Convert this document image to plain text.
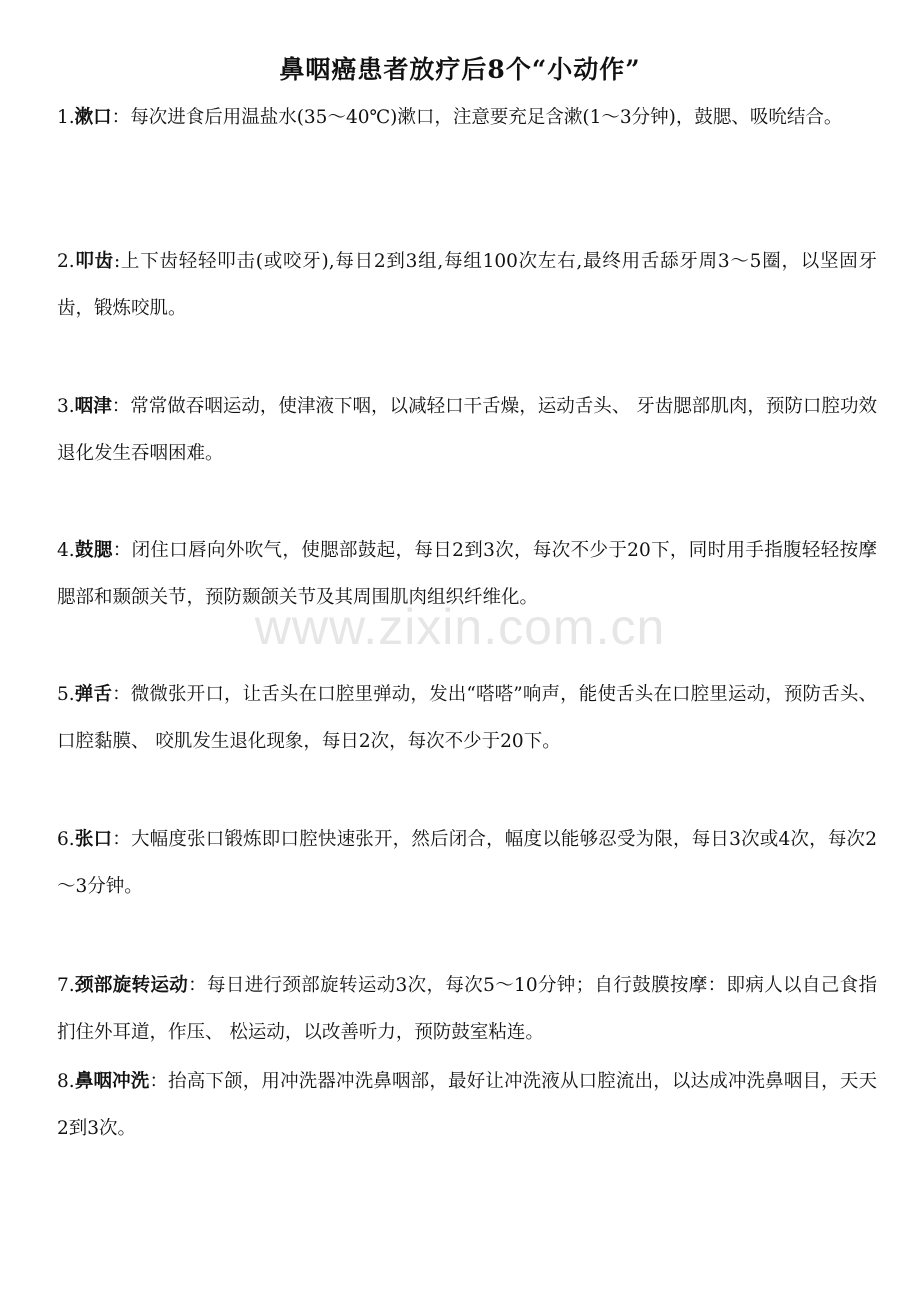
鼻咽癌患者放疗后8个“小动作”

1.漱口：每次进食后用温盐水(35～40℃)漱口，注意要充足含漱(1～3分钟)，鼓腮、吸吮结合。

2.叩齿:上下齿轻轻叩击(或咬牙),每日2到3组,每组100次左右,最终用舌舔牙周3～5圈，以坚固牙齿，锻炼咬肌。

3.咽津：常常做吞咽运动，使津液下咽，以减轻口干舌燥，运动舌头、 牙齿腮部肌肉，预防口腔功效退化发生吞咽困难。

4.鼓腮：闭住口唇向外吹气，使腮部鼓起，每日2到3次，每次不少于20下，同时用手指腹轻轻按摩腮部和颞颌关节，预防颞颌关节及其周围肌肉组织纤维化。

www.zixin.com.cn

5.弹舌：微微张开口，让舌头在口腔里弹动，发出“嗒嗒”响声，能使舌头在口腔里运动，预防舌头、 口腔黏膜、 咬肌发生退化现象，每日2次，每次不少于20下。

6.张口：大幅度张口锻炼即口腔快速张开，然后闭合，幅度以能够忍受为限，每日3次或4次，每次2～3分钟。

7.颈部旋转运动：每日进行颈部旋转运动3次，每次5～10分钟；自行鼓膜按摩：即病人以自己食指扪住外耳道，作压、 松运动，以改善听力，预防鼓室粘连。

8.鼻咽冲洗：抬高下颌，用冲洗器冲洗鼻咽部，最好让冲洗液从口腔流出，以达成冲洗鼻咽目，天天2到3次。
